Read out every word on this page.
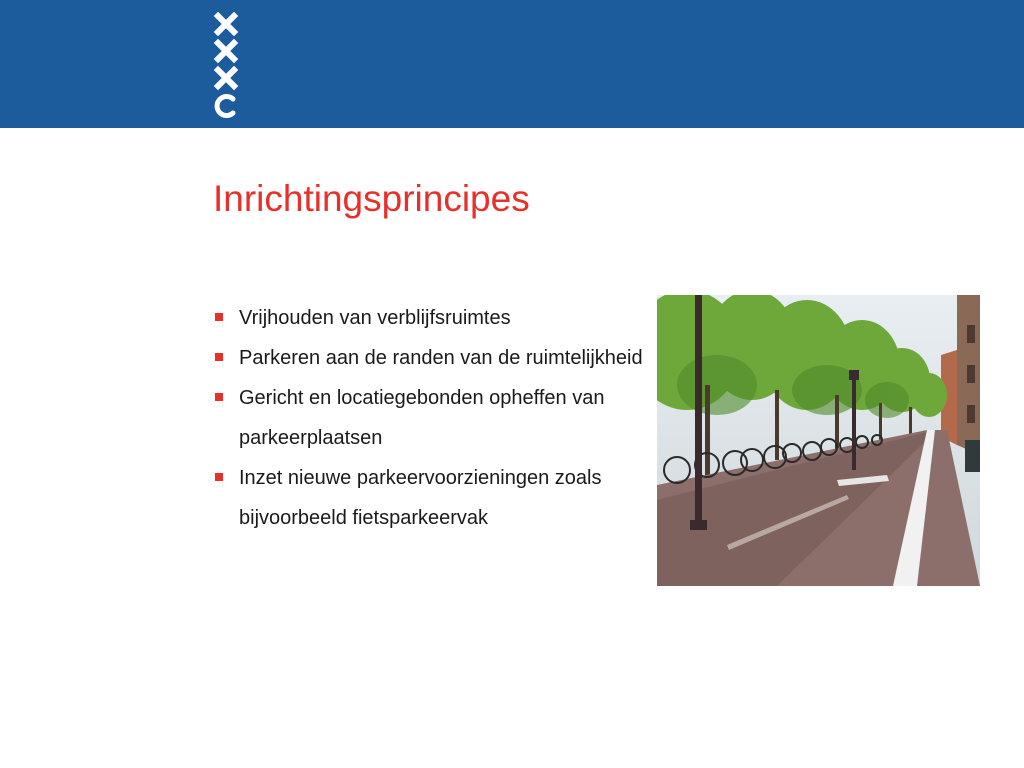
Inrichtingsprincipes
Vrijhouden van verblijfsruimtes
Parkeren aan de randen van de ruimtelijkheid
Gericht en locatiegebonden opheffen van parkeerplaatsen
Inzet nieuwe parkeervoorzieningen zoals bijvoorbeeld fietsparkeervak
